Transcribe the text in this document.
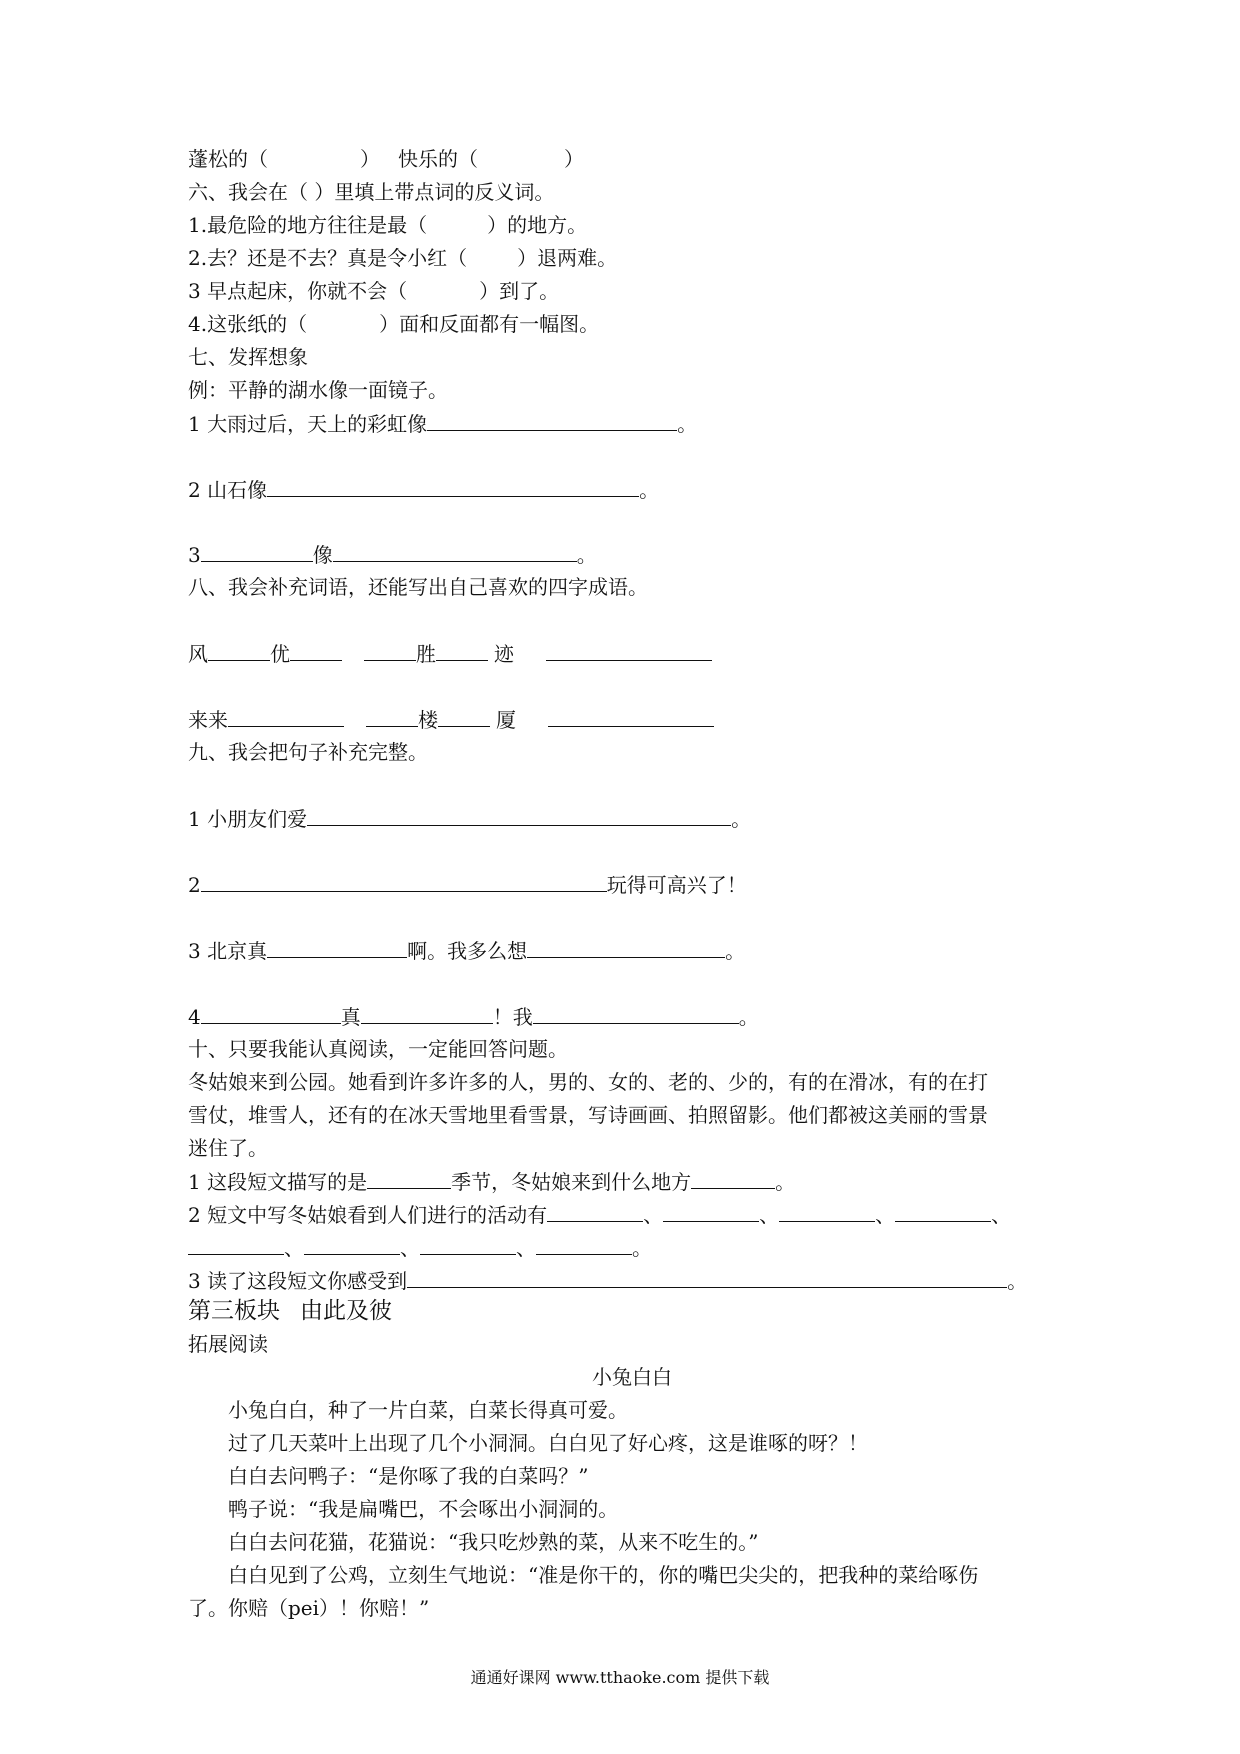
蓬松的（	） 快乐的（	）
六、我会在（ ）里填上带点词的反义词。
1.最危险的地方往往是最（	）的地方。
2.去？还是不去？真是令小红（	）退两难。
3 早点起床，你就不会（	）到了。
4.这张纸的（	）面和反面都有一幅图。
七、发挥想象
例：平静的湖水像一面镜子。
1 大雨过后，天上的彩虹像	。
2 山石像	。
3	像	。
八、我会补充词语，还能写出自己喜欢的四字成语。
风	优	胜	迹
来来	楼	厦
九、我会把句子补充完整。
1 小朋友们爱	。
2	玩得可高兴了！
3 北京真	啊。我多么想	。
4	真	！我	。
十、只要我能认真阅读，一定能回答问题。
冬姑娘来到公园。她看到许多许多的人，男的、女的、老的、少的，有的在滑冰，有的在打
雪仗，堆雪人，还有的在冰天雪地里看雪景，写诗画画、拍照留影。他们都被这美丽的雪景
迷住了。
1 这段短文描写的是	季节，冬姑娘来到什么地方	。
2 短文中写冬姑娘看到人们进行的活动有	、	、	、	、
、	、	、	。
3 读了这段短文你感受到	。
第三板块 由此及彼
拓展阅读
小兔白白
小兔白白，种了一片白菜，白菜长得真可爱。
过了几天菜叶上出现了几个小洞洞。白白见了好心疼，这是谁啄的呀？！
白白去问鸭子：“是你啄了我的白菜吗？”
鸭子说：“我是扁嘴巴，不会啄出小洞洞的。
白白去问花猫，花猫说：“我只吃炒熟的菜，从来不吃生的。”
白白见到了公鸡，立刻生气地说：“准是你干的，你的嘴巴尖尖的，把我种的菜给啄伤
了。你赔（pei）！你赔！”
通通好课网 www.tthaoke.com 提供下载
